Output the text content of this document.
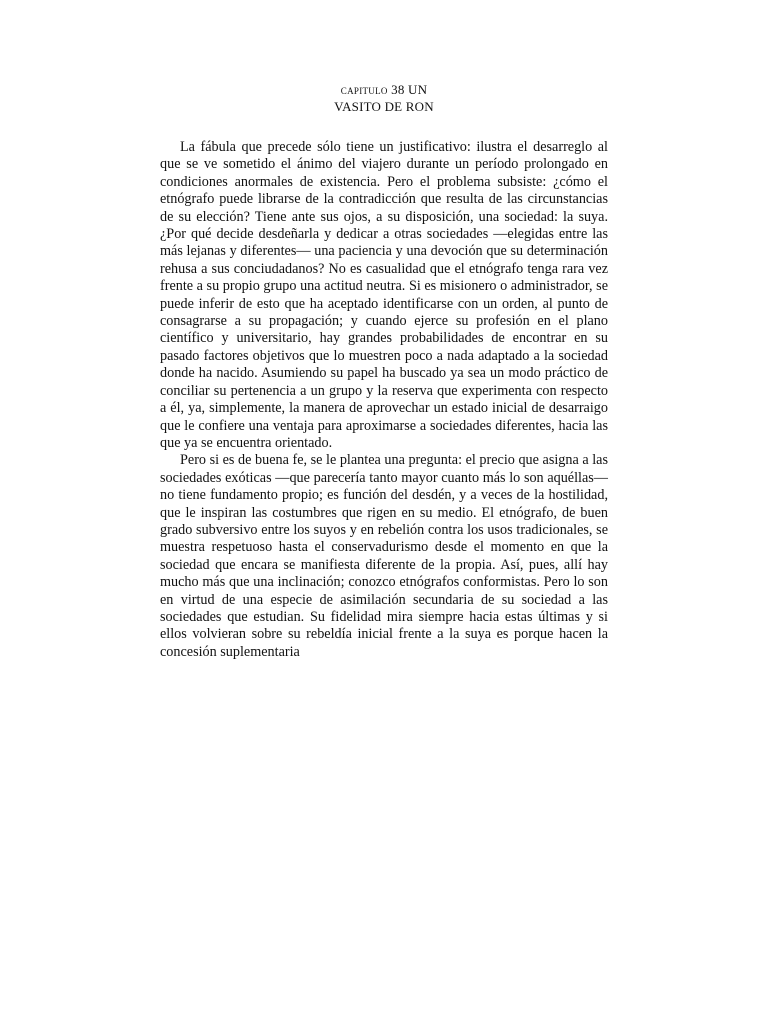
CAPITULO 38 UN
VASITO DE RON

La fábula que precede sólo tiene un justificativo: ilustra el desarreglo al que se ve sometido el ánimo del viajero durante un período prolongado en condiciones anormales de existencia. Pero el problema subsiste: ¿cómo el etnógrafo puede librarse de la contradicción que resulta de las circunstancias de su elección? Tiene ante sus ojos, a su disposición, una sociedad: la suya. ¿Por qué decide desdeñarla y dedicar a otras sociedades —elegidas entre las más lejanas y diferentes— una paciencia y una devoción que su determinación rehusa a sus conciudadanos? No es casualidad que el etnógrafo tenga rara vez frente a su propio grupo una actitud neutra. Si es misionero o administrador, se puede inferir de esto que ha aceptado identificarse con un orden, al punto de consagrarse a su propagación; y cuando ejerce su profesión en el plano científico y universitario, hay grandes probabilidades de encontrar en su pasado factores objetivos que lo muestren poco a nada adaptado a la sociedad donde ha nacido. Asumiendo su papel ha buscado ya sea un modo práctico de conciliar su pertenencia a un grupo y la reserva que experimenta con respecto a él, ya, simplemente, la manera de aprovechar un estado inicial de desarraigo que le confiere una ventaja para aproximarse a sociedades diferentes, hacia las que ya se encuentra orientado.

Pero si es de buena fe, se le plantea una pregunta: el precio que asigna a las sociedades exóticas —que parecería tanto mayor cuanto más lo son aquéllas— no tiene fundamento propio; es función del desdén, y a veces de la hostilidad, que le inspiran las costumbres que rigen en su medio. El etnógrafo, de buen grado subversivo entre los suyos y en rebelión contra los usos tradicionales, se muestra respetuoso hasta el conservadurismo desde el momento en que la sociedad que encara se manifiesta diferente de la propia. Así, pues, allí hay mucho más que una inclinación; conozco etnógrafos conformistas. Pero lo son en virtud de una especie de asimilación secundaria de su sociedad a las sociedades que estudian. Su fidelidad mira siempre hacia estas últimas y si ellos volvieran sobre su rebeldía inicial frente a la suya es porque hacen la concesión suplementaria
